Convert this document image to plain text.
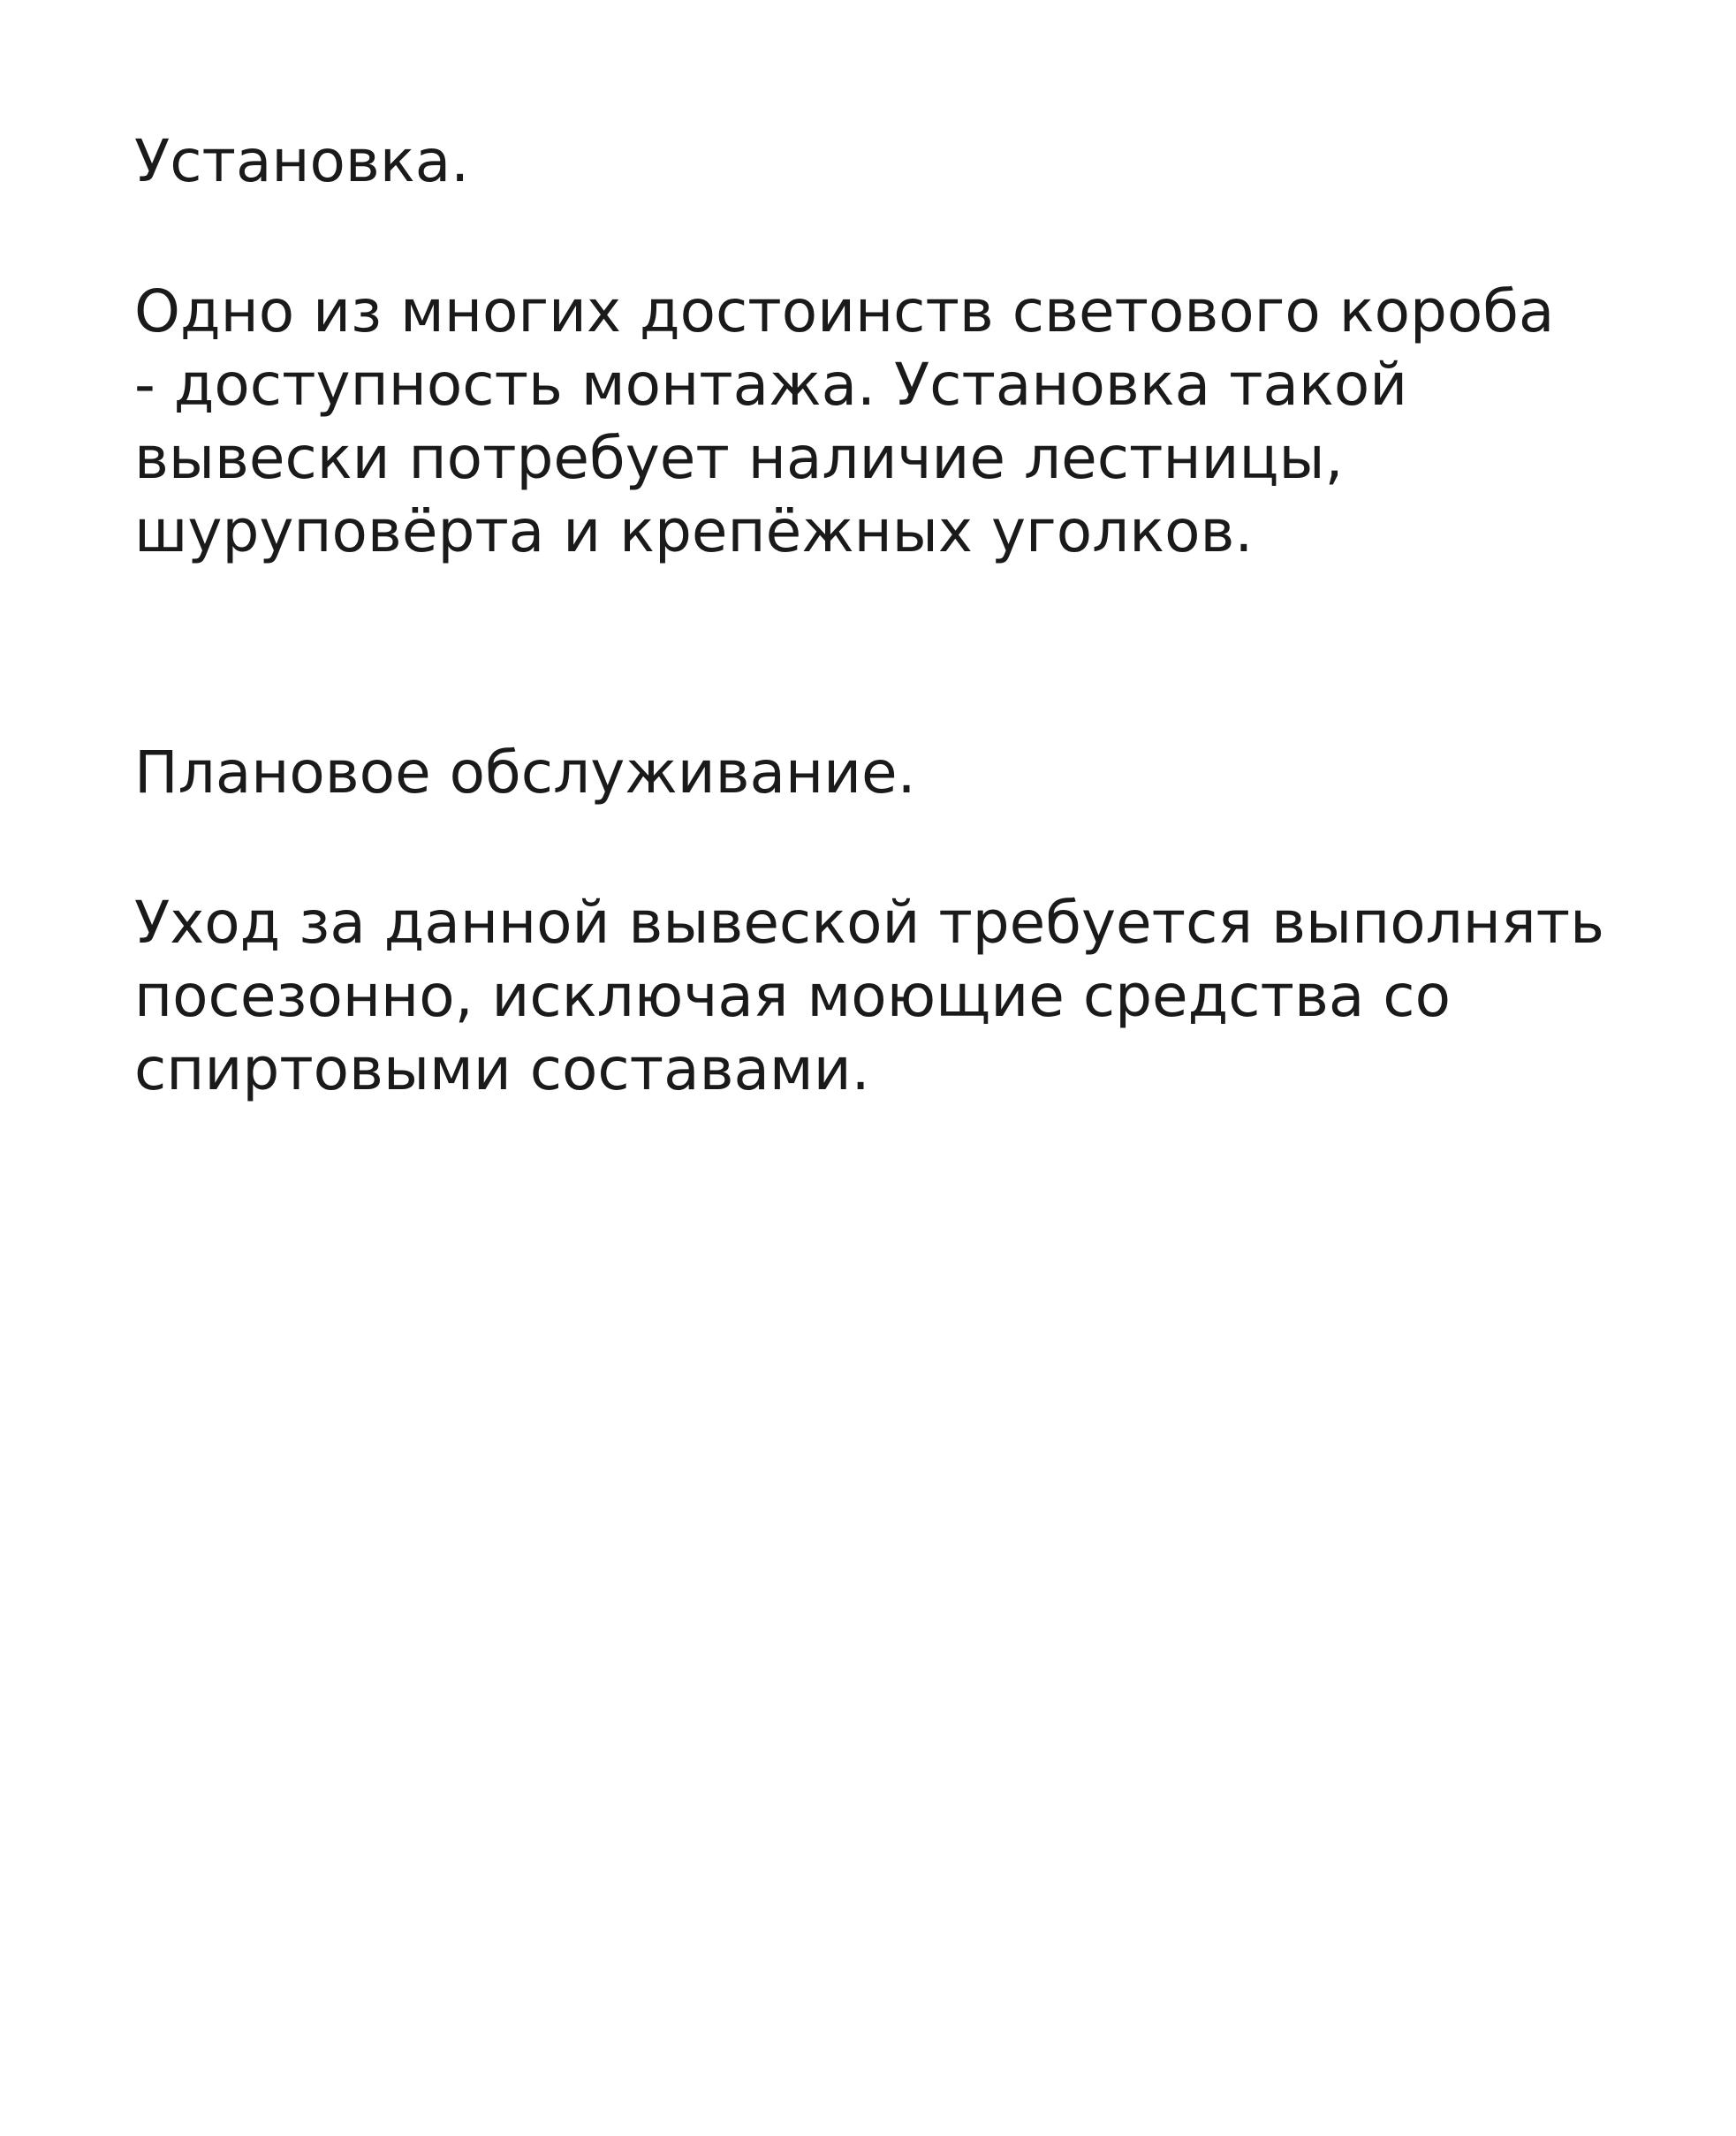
Установка.

Одно из многих достоинств светового короба

- доступность монтажа. Установка такой

вывески потребует наличие лестницы,

шуруповёрта и крепёжных уголков.

Плановое обслуживание.

Уход за данной вывеской требуется выполнять

посезонно, исключая моющие средства со

спиртовыми составами.
